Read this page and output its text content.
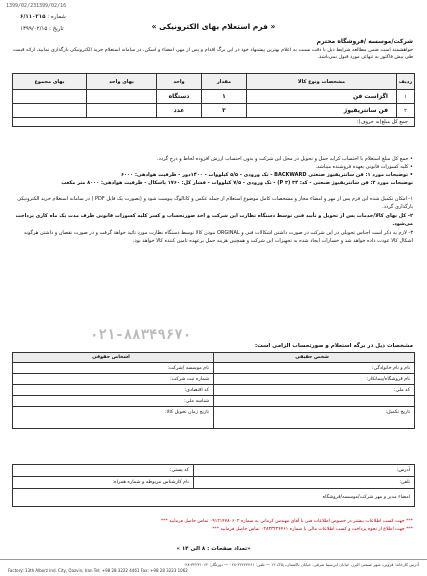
1399/02/23 1399/02/16
شماره : ۶/۱۱۰۲۱۵
تاریخ : ۱۳۹۹/۰۲/۱۵	« فرم استعلام بهای الکترونیکی »
شرکت/موسسه /فروشگاه محترم
خواهشمند است ضمن مطالعه شرایط ذیل با دقت نسبت به اعلام بهترین پیشنهاد خود در این برگ اقدام و پس از مهر، امضاء و اسکن، در سامانه استعلام خرید الکترونیکی بارگذاری نمایید، ارائه قیمت طی پیش فاکتور به تنهائی مورد قبول نمی‌باشد.
ردیف	مشخصات ونوع کالا	مقدار	واحد	بهای واحد	بهای مجموع
۱	اگزاست فن	۱	دستگاه		
۲	فن سانتریفیوژ	۲	عدد		
جمع کل مبلغ(به حروف):					
• جمع کل مبلغ استعلام با احتساب کرایه حمل و تحویل در محل این شرکت و بدون احتساب ارزش افزوده لحاظ و درج گردد.
• کلیه کسورات قانونی بعهده فروشنده میباشد.
• توضیحات مورد ۱: فن سانتریفیوژ صنعتی BACKWARD - تک ورودی - ۵/۵ کیلووات - ۱۴۰۰دور - ظرفیت هوادهی: ۶۰۰۰
توضیحات مورد ۲: فن سانتریفیوژ صنعتی - کد: ۳۴ (۳ P) - تک ورودی - ۷/۵ کیلووات - فشار کل: ۱۷۶۰ پاسکال - ظرفیت هوادهی: ۸۰۰۰ متر مکعب

۱- امکان تکمیل شده این فرم پس از مهر و امضاء مجاز و مشخصات کامل موضوع استعلام از جمله عکس و کاتالوگ پیوست شود و (بصورت یک فایل PDF ) در سامانه استعلام خرید الکترونیکی بارگذاری گردد.

۲- کل بهای کالا/خدمات پس از تحویل و تأیید فنی توسط دستگاه نظارت این شرکت و اخذ صورتحساب و کسر کلیه کسورات قانونی ظرف مدت یک ماه کاری پرداخت می‌شود.

۳- لازم به ذکر است اجناس تحویلی در این شرکت در صورت داشتن اشکالات فنی و ORGINAL نبودن کالا توسط دستگاه نظارت مورد تائید خواهد گرفت و در صورت نقصان و داشتن هرگونه اشکال کالا عودت داده خواهد شد و خسارات ایجاد شده به تجهیزات این شرکت و همچنین هزینه حمل برعهده تامین کننده کالا خواهد بود.

۰۲۱-۸۸۳۴۹۶۷۰
مشخصات ذیل در برگه استعلام و صورتحساب الزامی است:
شخص حقیقی	اشخاص حقوقی
نام و نام خانوادگی:	نام موسسه /شرکت:
نام فروشگاه/پیمانکار:	شماره ثبت شرکت:
کد ملی:	کد اقتصادی:
	شناسه ملی:
تاریخ تکمیل:	تاریخ زمان تحویل کالا:
آدرس:	کد پستی:
تلفن:	نام کارشناس مربوطه و شماره همراه:
امضاء مدیر و مهر شرکت/موسسه/فروشگاه	
*** جهت کسب اطلاعات بیشتر در خصوص اطلاعات فنی با آقای مهندس کرمانی به شماره ۰۹۱۲۱۴۷۸۰۶۰۲ تماس حاصل فرمایید ***
*** جهت اطلاع از نحوه پرداخت و کسب اطلاعات مالی با شماره ۰۲۸۳۳۲۲۴۴۶۱ تماس حاصل فرمایید ***
«تعداد صفحات : ۸ الی ۱۴ »
آدرس کارخانه: قزوین، شهر صنعتی البرز، خیابان ابن‌سینا شرقی، خیابان تاکستان، پلاک ۱۲ — تلفن: ۳۲۲۲۴۴۶۱-۰۲۸ — دورنگار: ۳۲۲۳۱۰۶۲-۰۲۸
Factory: 13th Alborz Ind. City, Qazvin, Iran Tel: +98 28 3222 4461 Fax: +98 28 3223 1062
